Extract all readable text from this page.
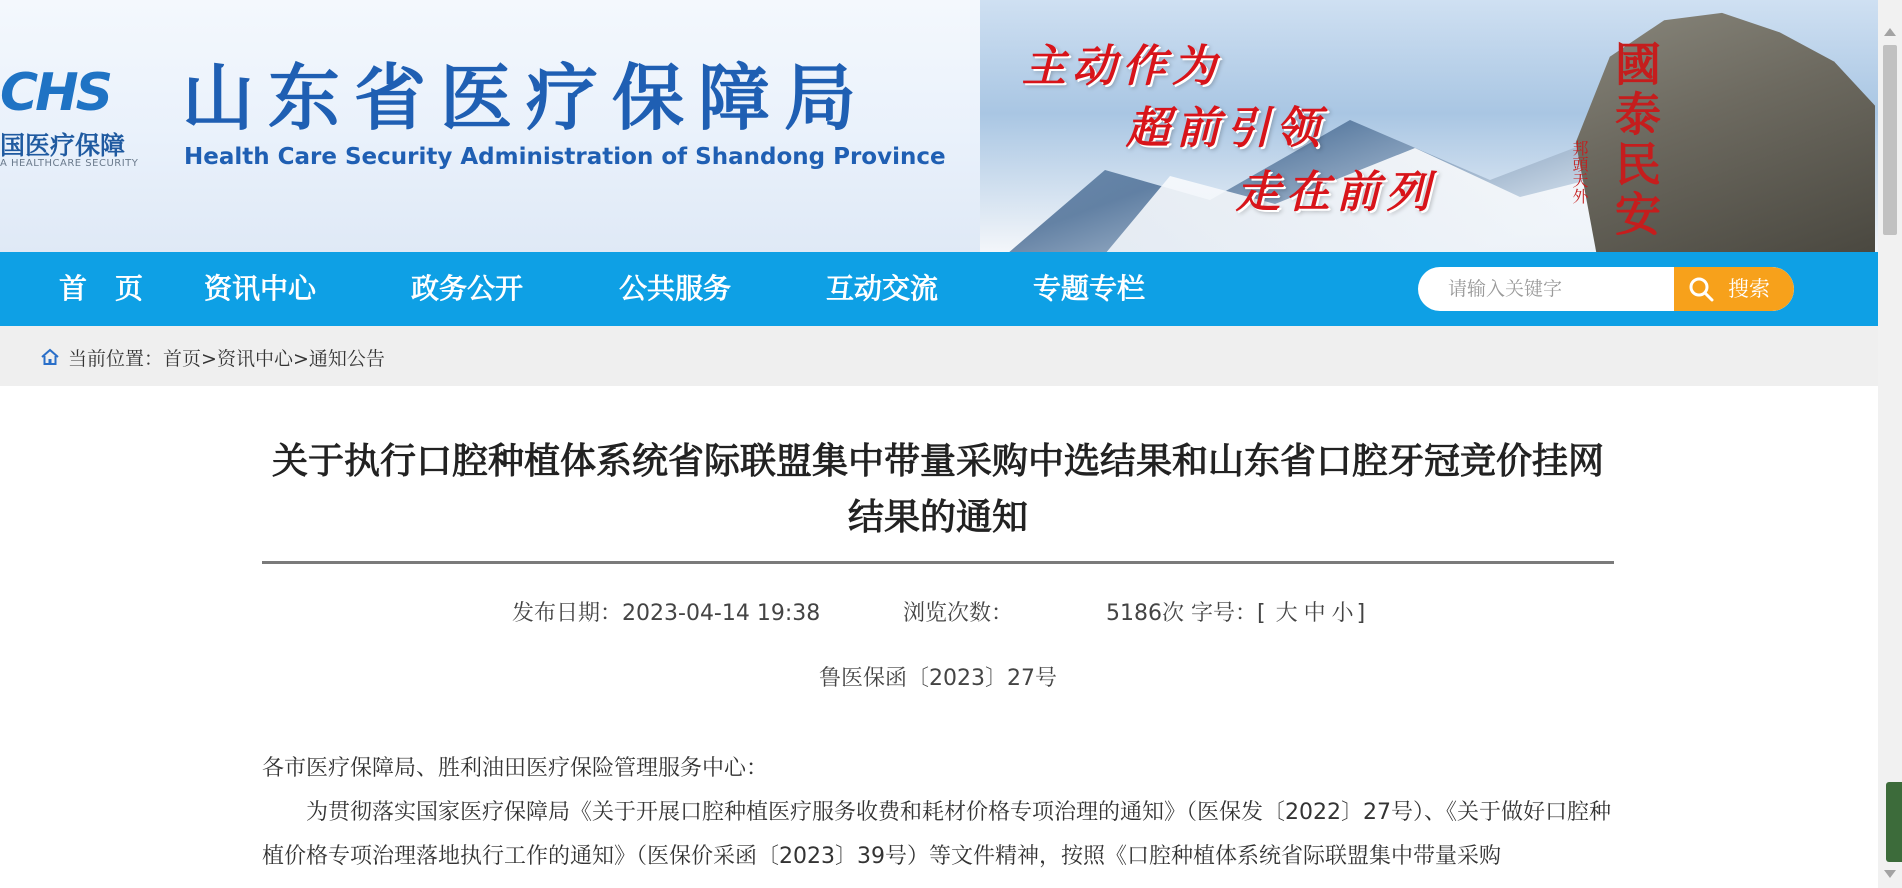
國泰民安
邦頭天外
CHS
国医疗保障
A HEALTHCARE SECURITY
山东省医疗保障局
Health Care Security Administration of Shandong Province
主动作为
超前引领
走在前列
首　页 资讯中心	政务公开	公共服务	互动交流	专题专栏
请输入关键字	搜索
当前位置：首页>资讯中心>通知公告
关于执行口腔种植体系统省际联盟集中带量采购中选结果和山东省口腔牙冠竞价挂网结果的通知
发布日期：2023-04-14 19:38	浏览次数：	5186次 字号：[ 大 中 小 ]
鲁医保函〔2023〕27号

各市医疗保障局、胜利油田医疗保险管理服务中心：

为贯彻落实国家医疗保障局《关于开展口腔种植医疗服务收费和耗材价格专项治理的通知》（医保发〔2022〕27号）、《关于做好口腔种植价格专项治理落地执行工作的通知》（医保价采函〔2023〕39号）等文件精神，按照《口腔种植体系统省际联盟集中带量采购
